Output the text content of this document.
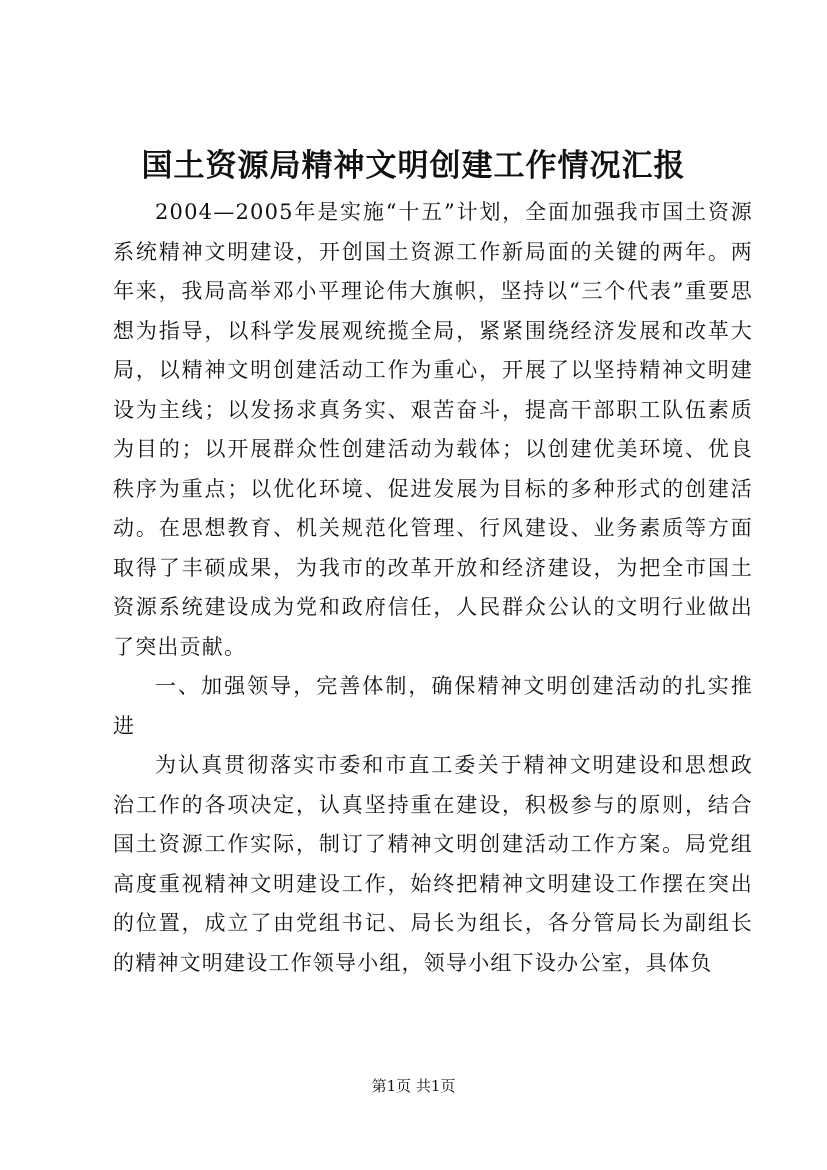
国土资源局精神文明创建工作情况汇报

2004—2005年是实施“十五”计划，全面加强我市国土资源系统精神文明建设，开创国土资源工作新局面的关键的两年。两年来，我局高举邓小平理论伟大旗帜，坚持以“三个代表”重要思想为指导，以科学发展观统揽全局，紧紧围绕经济发展和改革大局，以精神文明创建活动工作为重心，开展了以坚持精神文明建设为主线；以发扬求真务实、艰苦奋斗，提高干部职工队伍素质为目的；以开展群众性创建活动为载体；以创建优美环境、优良秩序为重点；以优化环境、促进发展为目标的多种形式的创建活动。在思想教育、机关规范化管理、行风建设、业务素质等方面取得了丰硕成果，为我市的改革开放和经济建设，为把全市国土资源系统建设成为党和政府信任，人民群众公认的文明行业做出了突出贡献。

一、加强领导，完善体制，确保精神文明创建活动的扎实推进

为认真贯彻落实市委和市直工委关于精神文明建设和思想政治工作的各项决定，认真坚持重在建设，积极参与的原则，结合国土资源工作实际，制订了精神文明创建活动工作方案。局党组高度重视精神文明建设工作，始终把精神文明建设工作摆在突出的位置，成立了由党组书记、局长为组长，各分管局长为副组长的精神文明建设工作领导小组，领导小组下设办公室，具体负

第1页 共1页
